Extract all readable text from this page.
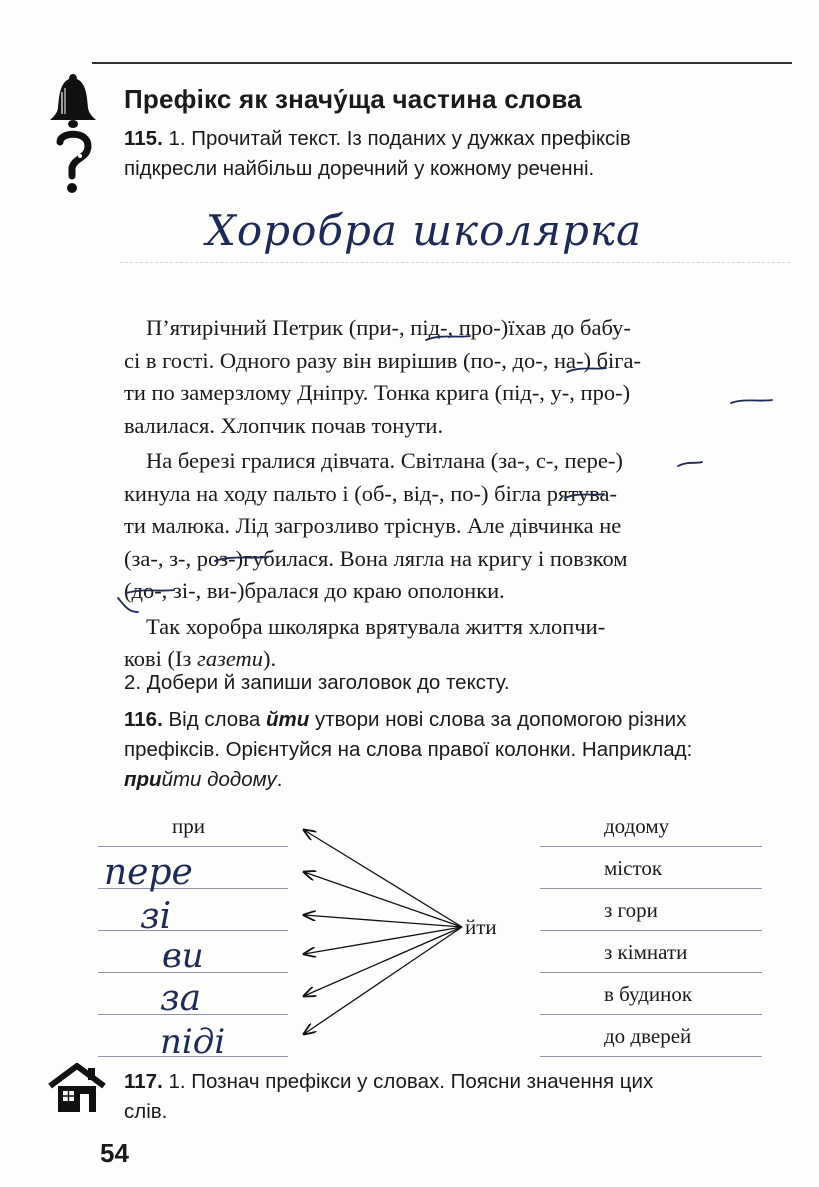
Префікс як значу́ща частина слова
115. 1. Прочитай текст. Із поданих у дужках префіксів
підкресли найбільш доречний у кожному реченні.
Хоробра школярка
П’ятирічний Петрик (при-, під-, про-)їхав до бабу-
сі в гості. Одного разу він вирішив (по-, до-, на-) біга-
ти по замерзлому Дніпру. Тонка крига (під-, у-, про-)
валилася. Хлопчик почав тонути.
На березі гралися дівчата. Світлана (за-, с-, пере-)
кинула на ходу пальто і (об-, від-, по-) бігла рятува-
ти малюка. Лід загрозливо тріснув. Але дівчинка не
(за-, з-, роз-)губилася. Вона лягла на кригу і повзком
(до-, зі-, ви-)бралася до краю ополонки.
Так хоробра школярка врятувала життя хлопчи-
кові (Із газети).
2. Добери й запиши заголовок до тексту.
116. Від слова йти утвори нові слова за допомогою різних
префіксів. Орієнтуйся на слова правої колонки. Наприклад:
прийти додому.
при
пере
зі
ви
за
піді
йти
додому
місток
з гори
з кімнати
в будинок
до дверей
117. 1. Познач префікси у словах. Поясни значення цих
слів.
54
